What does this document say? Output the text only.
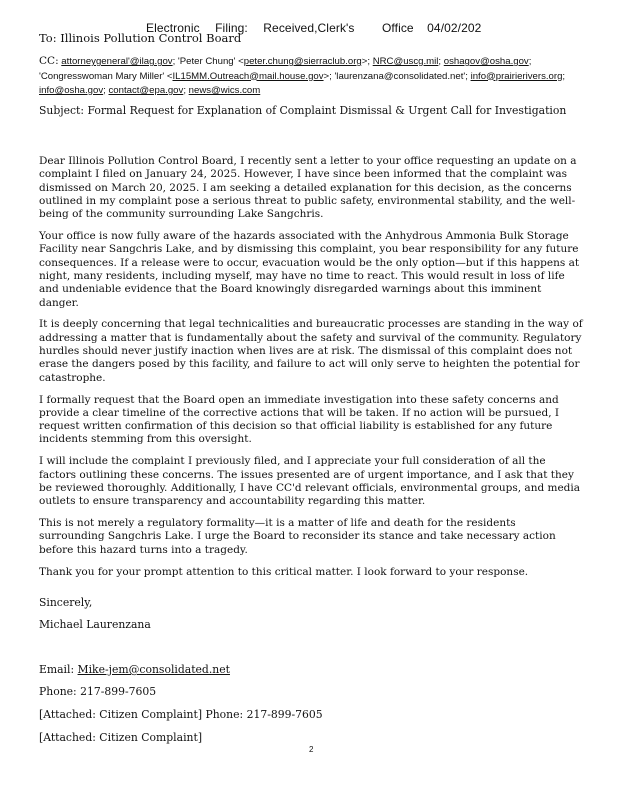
Electronic Filing: Received,Clerk's Office 04/02/202
To: Illinois Pollution Control Board
CC: attorneygeneral'@ilag.gov; 'Peter Chung' <peter.chung@sierraclub.org>; NRC@uscg.mil; oshagov@osha.gov; 'Congresswoman Mary Miller' <IL15MM.Outreach@mail.house.gov>; 'laurenzana@consolidated.net'; info@prairierivers.org; info@osha.gov; contact@epa.gov; news@wics.com
Subject: Formal Request for Explanation of Complaint Dismissal & Urgent Call for Investigation

Dear Illinois Pollution Control Board, I recently sent a letter to your office requesting an update on a complaint I filed on January 24, 2025. However, I have since been informed that the complaint was dismissed on March 20, 2025. I am seeking a detailed explanation for this decision, as the concerns outlined in my complaint pose a serious threat to public safety, environmental stability, and the well-being of the community surrounding Lake Sangchris.

Your office is now fully aware of the hazards associated with the Anhydrous Ammonia Bulk Storage Facility near Sangchris Lake, and by dismissing this complaint, you bear responsibility for any future consequences. If a release were to occur, evacuation would be the only option—but if this happens at night, many residents, including myself, may have no time to react. This would result in loss of life and undeniable evidence that the Board knowingly disregarded warnings about this imminent danger.

It is deeply concerning that legal technicalities and bureaucratic processes are standing in the way of addressing a matter that is fundamentally about the safety and survival of the community. Regulatory hurdles should never justify inaction when lives are at risk. The dismissal of this complaint does not erase the dangers posed by this facility, and failure to act will only serve to heighten the potential for catastrophe.

I formally request that the Board open an immediate investigation into these safety concerns and provide a clear timeline of the corrective actions that will be taken. If no action will be pursued, I request written confirmation of this decision so that official liability is established for any future incidents stemming from this oversight.

I will include the complaint I previously filed, and I appreciate your full consideration of all the factors outlining these concerns. The issues presented are of urgent importance, and I ask that they be reviewed thoroughly. Additionally, I have CC'd relevant officials, environmental groups, and media outlets to ensure transparency and accountability regarding this matter.

This is not merely a regulatory formality—it is a matter of life and death for the residents surrounding Sangchris Lake. I urge the Board to reconsider its stance and take necessary action before this hazard turns into a tragedy.

Thank you for your prompt attention to this critical matter. I look forward to your response.

Sincerely,
Michael Laurenzana
Email: Mike-jem@consolidated.net
Phone: 217-899-7605
[Attached: Citizen Complaint] Phone: 217-899-7605
[Attached: Citizen Complaint]
2
